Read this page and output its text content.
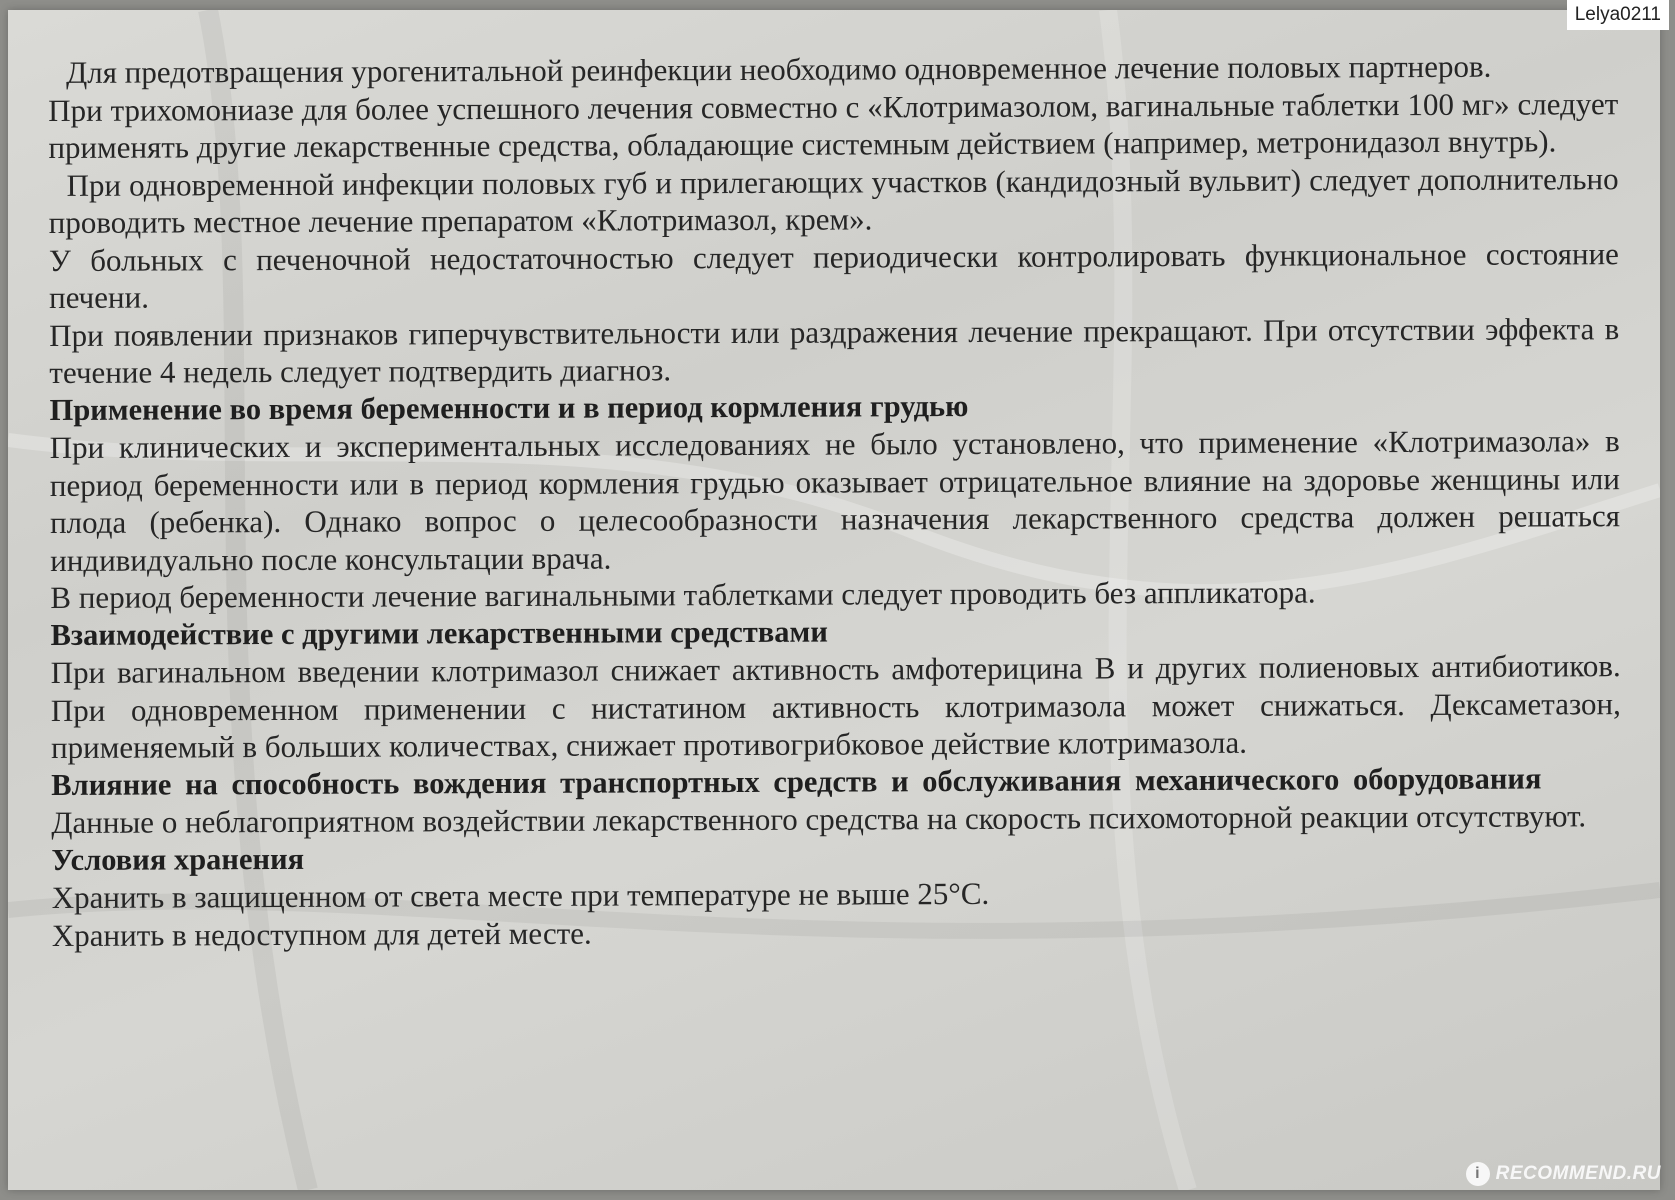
Для предотвращения урогенитальной реинфекции необходимо одновременное лечение половых партнеров.

При трихомониазе для более успешного лечения совместно с «Клотримазолом, вагинальные таблетки 100 мг» следует применять другие лекарственные средства, обладающие системным действием (например, метронидазол внутрь).

При одновременной инфекции половых губ и прилегающих участков (кандидозный вульвит) следует дополнительно проводить местное лечение препаратом «Клотримазол, крем».

У больных с печеночной недостаточностью следует периодически контролировать функциональное состояние печени.

При появлении признаков гиперчувствительности или раздражения лечение прекращают. При отсутствии эффекта в течение 4 недель следует подтвердить диагноз.

Применение во время беременности и в период кормления грудью

При клинических и экспериментальных исследованиях не было установлено, что применение «Клотримазола» в период беременности или в период кормления грудью оказывает отрицательное влияние на здоровье женщины или плода (ребенка). Однако вопрос о целесообразности назначения лекарственного средства должен решаться индивидуально после консультации врача.

В период беременности лечение вагинальными таблетками следует проводить без аппликатора.

Взаимодействие с другими лекарственными средствами

При вагинальном введении клотримазол снижает активность амфотерицина В и других полиеновых антибиотиков. При одновременном применении с нистатином активность клотримазола может снижаться. Дексаметазон, применяемый в больших количествах, снижает противогрибковое действие клотримазола.

Влияние на способность вождения транспортных средств и обслуживания механического оборудования

Данные о неблагоприятном воздействии лекарственного средства на скорость психомоторной реакции отсутствуют.

Условия хранения

Хранить в защищенном от света месте при температуре не выше 25°С.

Хранить в недоступном для детей месте.

Lelya0211
i RECOMMEND.RU
